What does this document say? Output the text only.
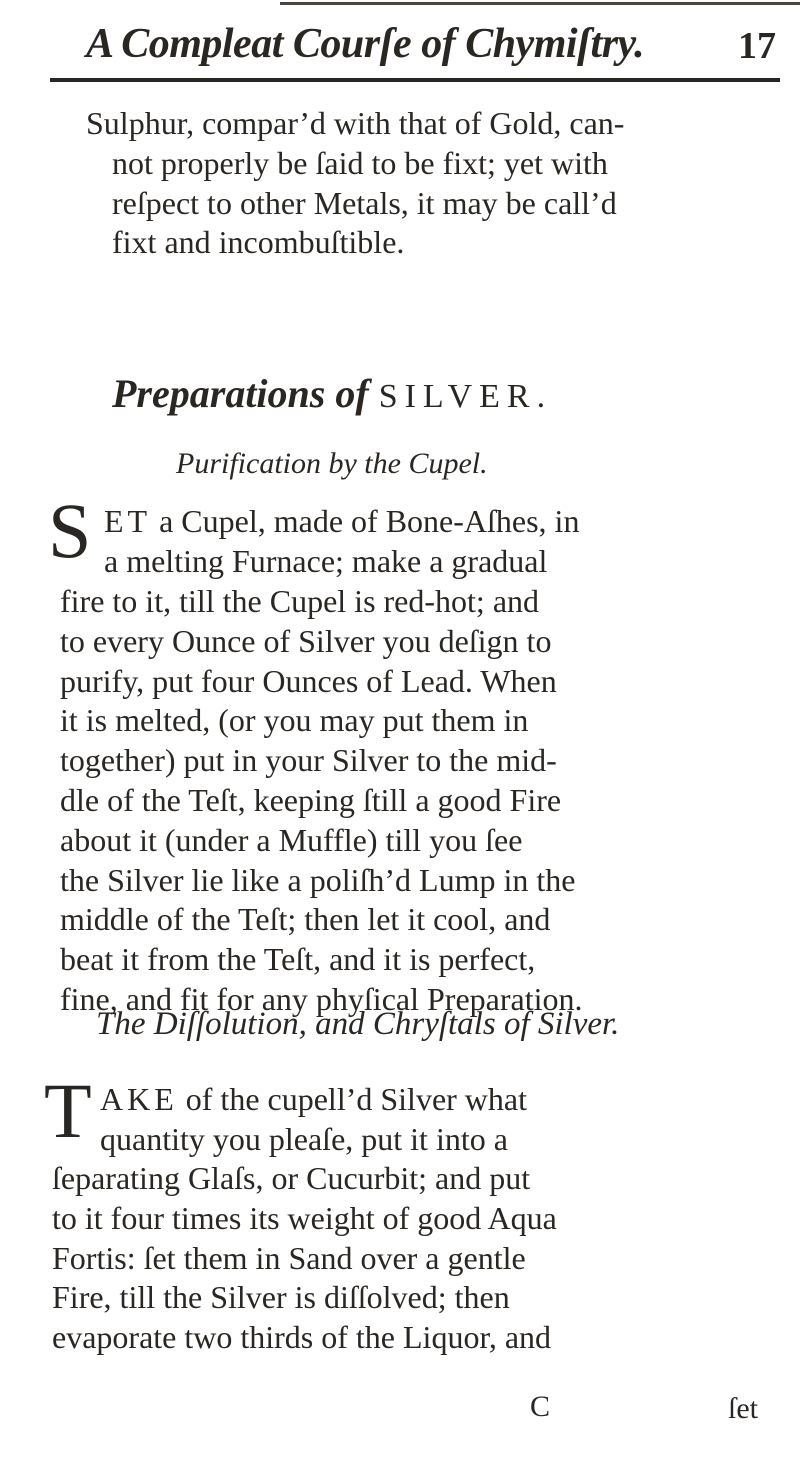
A Compleat Courſe of Chymiſtry. 17
Sulphur, compar’d with that of Gold, can-
not properly be ſaid to be fixt; yet with
reſpect to other Metals, it may be call’d
fixt and incombuſtible.
Preparations of SILVER.
Purification by the Cupel.
S ET a Cupel, made of Bone-Aſhes, in
a melting Furnace; make a gradual
fire to it, till the Cupel is red-hot; and
to every Ounce of Silver you deſign to
purify, put four Ounces of Lead. When
it is melted, (or you may put them in
together) put in your Silver to the mid-
dle of the Teſt, keeping ſtill a good Fire
about it (under a Muffle) till you ſee
the Silver lie like a poliſh’d Lump in the
middle of the Teſt; then let it cool, and
beat it from the Teſt, and it is perfect,
fine, and fit for any phyſical Preparation.
The Diſſolution, and Chryſtals of Silver.
T AKE of the cupell’d Silver what
quantity you pleaſe, put it into a
ſeparating Glaſs, or Cucurbit; and put
to it four times its weight of good Aqua
Fortis: ſet them in Sand over a gentle
Fire, till the Silver is diſſolved; then
evaporate two thirds of the Liquor, and
C	ſet
